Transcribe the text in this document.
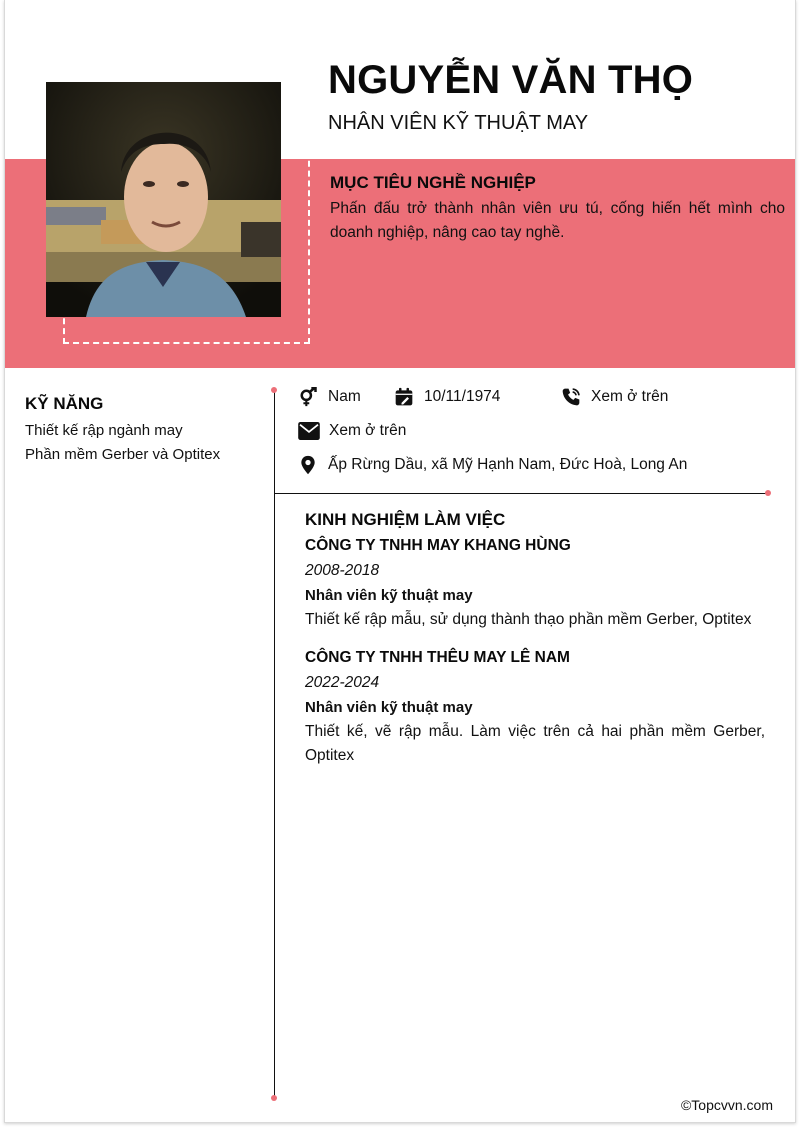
NGUYỄN VĂN THỌ
NHÂN VIÊN KỸ THUẬT MAY
MỤC TIÊU NGHỀ NGHIỆP

Phấn đấu trở thành nhân viên ưu tú, cống hiến hết mình cho doanh nghiệp, nâng cao tay nghề.

KỸ NĂNG
Thiết kế rập ngành may
Phần mềm Gerber và Optitex
Nam	10/11/1974	Xem ở trên
Xem ở trên
Ấp Rừng Dầu, xã Mỹ Hạnh Nam, Đức Hoà, Long An
KINH NGHIỆM LÀM VIỆC
CÔNG TY TNHH MAY KHANG HÙNG
2008-2018
Nhân viên kỹ thuật may
Thiết kế rập mẫu, sử dụng thành thạo phần mềm Gerber, Optitex
CÔNG TY TNHH THÊU MAY LÊ NAM
2022-2024
Nhân viên kỹ thuật may
Thiết kế, vẽ rập mẫu. Làm việc trên cả hai phần mềm Gerber, Optitex
©Topcvvn.com
